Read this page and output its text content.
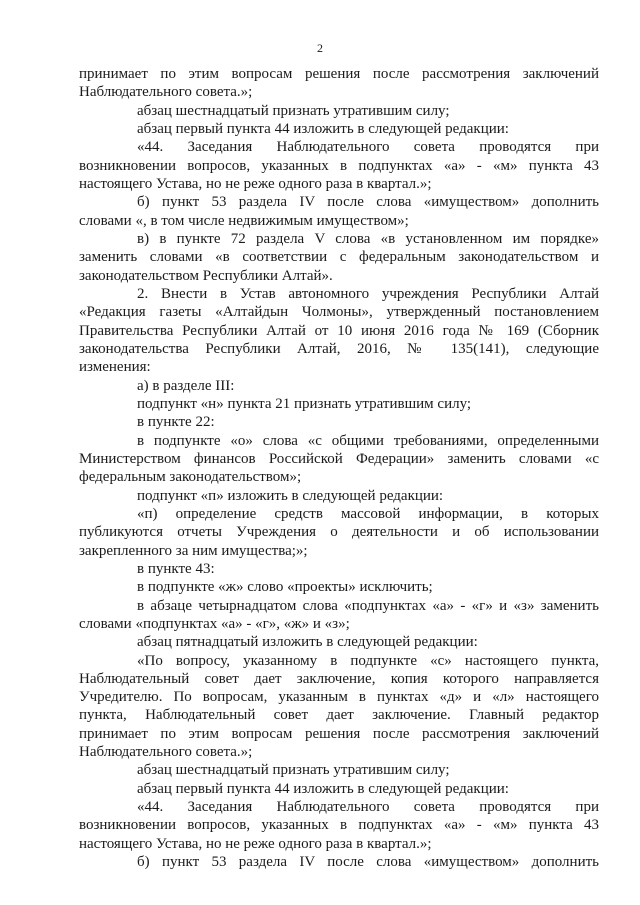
2
принимает по этим вопросам решения после рассмотрения заключений
Наблюдательного совета.»;
абзац шестнадцатый признать утратившим силу;
абзац первый пункта 44 изложить в следующей редакции:
«44. Заседания Наблюдательного совета проводятся при
возникновении вопросов, указанных в подпунктах «а» - «м» пункта 43
настоящего Устава, но не реже одного раза в квартал.»;
б) пункт 53 раздела IV после слова «имуществом» дополнить
словами «, в том числе недвижимым имуществом»;
в) в пункте 72 раздела V слова «в установленном им порядке»
заменить словами «в соответствии с федеральным законодательством и
законодательством Республики Алтай».
2. Внести в Устав автономного учреждения Республики Алтай
«Редакция газеты «Алтайдын Чолмоны», утвержденный постановлением
Правительства Республики Алтай от 10 июня 2016 года № 169 (Сборник
законодательства Республики Алтай, 2016, № 135(141), следующие
изменения:
а) в разделе III:
подпункт «н» пункта 21 признать утратившим силу;
в пункте 22:
в подпункте «о» слова «с общими требованиями, определенными
Министерством финансов Российской Федерации» заменить словами «с
федеральным законодательством»;
подпункт «п» изложить в следующей редакции:
«п) определение средств массовой информации, в которых
публикуются отчеты Учреждения о деятельности и об использовании
закрепленного за ним имущества;»;
в пункте 43:
в подпункте «ж» слово «проекты» исключить;
в абзаце четырнадцатом слова «подпунктах «а» - «г» и «з» заменить
словами «подпунктах «а» - «г», «ж» и «з»;
абзац пятнадцатый изложить в следующей редакции:
«По вопросу, указанному в подпункте «с» настоящего пункта,
Наблюдательный совет дает заключение, копия которого направляется
Учредителю. По вопросам, указанным в пунктах «д» и «л» настоящего
пункта, Наблюдательный совет дает заключение. Главный редактор
принимает по этим вопросам решения после рассмотрения заключений
Наблюдательного совета.»;
абзац шестнадцатый признать утратившим силу;
абзац первый пункта 44 изложить в следующей редакции:
«44. Заседания Наблюдательного совета проводятся при
возникновении вопросов, указанных в подпунктах «а» - «м» пункта 43
настоящего Устава, но не реже одного раза в квартал.»;
б) пункт 53 раздела IV после слова «имуществом» дополнить
